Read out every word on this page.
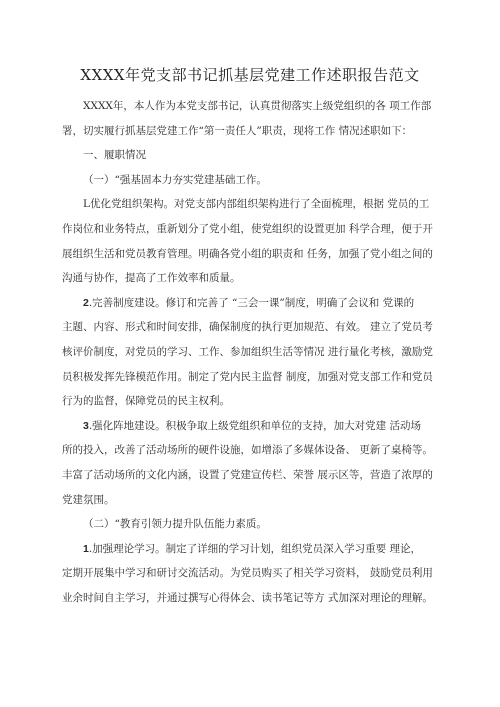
XXXX年党支部书记抓基层党建工作述职报告范文
XXXX年，本人作为本党支部书记，认真贯彻落实上级党组织的各 项工作部
署，切实履行抓基层党建工作“第一责任人”职责，现将工作 情况述职如下：
一、履职情况
（一）“强基固本力夯实党建基础工作。
L优化党组织架构。对党支部内部组织架构进行了全面梳理，根据 党员的工
作岗位和业务特点，重新划分了党小组，使党组织的设置更加 科学合理，便于开
展组织生活和党员教育管理。明确各党小组的职责和 任务，加强了党小组之间的
沟通与协作，提高了工作效率和质量。
2.完善制度建设。修订和完善了 “三会一课”制度，明确了会议和 党课的
主题、内容、形式和时间安排，确保制度的执行更加规范、有效。 建立了党员考
核评价制度，对党员的学习、工作、参加组织生活等情况 进行量化考核，激励党
员积极发挥先锋模范作用。制定了党内民主监督 制度，加强对党支部工作和党员
行为的监督，保障党员的民主权利。
3.强化阵地建设。积极争取上级党组织和单位的支持，加大对党建 活动场
所的投入，改善了活动场所的硬件设施，如增添了多媒体设备、 更新了桌椅等。
丰富了活动场所的文化内涵，设置了党建宣传栏、荣誉 展示区等，营造了浓厚的
党建氛围。
（二）“教育引领力提升队伍能力素质。
1.加强理论学习。制定了详细的学习计划，组织党员深入学习重要 理论，
定期开展集中学习和研讨交流活动。为党员购买了相关学习资料， 鼓励党员利用
业余时间自主学习，并通过撰写心得体会、读书笔记等方 式加深对理论的理解。
